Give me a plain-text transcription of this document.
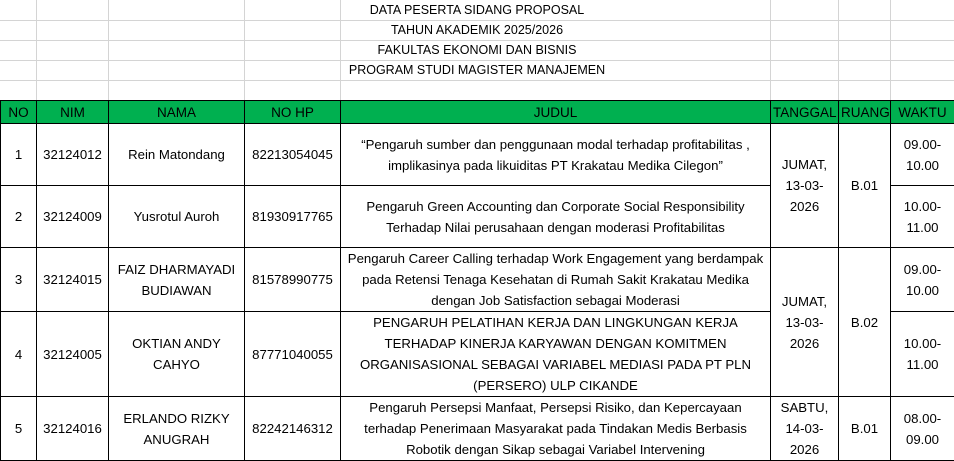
DATA PESERTA SIDANG PROPOSAL
TAHUN AKADEMIK 2025/2026
FAKULTAS EKONOMI DAN BISNIS
PROGRAM STUDI MAGISTER MANAJEMEN
NO	NIM	NAMA	NO HP	JUDUL	TANGGAL	RUANG	WAKTU
1	32124012	Rein Matondang	82213054045	“Pengaruh sumber dan penggunaan modal terhadap profitabilitas , implikasinya pada likuiditas PT Krakatau Medika Cilegon”	JUMAT, 13-03-2026	B.01	09.00-10.00
2	32124009	Yusrotul Auroh	81930917765	Pengaruh Green Accounting dan Corporate Social Responsibility Terhadap Nilai perusahaan dengan moderasi Profitabilitas			10.00-11.00
3	32124015	FAIZ DHARMAYADI BUDIAWAN	81578990775	Pengaruh Career Calling terhadap Work Engagement yang berdampak pada Retensi Tenaga Kesehatan di Rumah Sakit Krakatau Medika dengan Job Satisfaction sebagai Moderasi	JUMAT, 13-03-2026	B.02	09.00-10.00
4	32124005	OKTIAN ANDY CAHYO	87771040055	PENGARUH PELATIHAN KERJA DAN LINGKUNGAN KERJA TERHADAP KINERJA KARYAWAN DENGAN KOMITMEN ORGANISASIONAL SEBAGAI VARIABEL MEDIASI PADA PT PLN (PERSERO) ULP CIKANDE			10.00-11.00
5	32124016	ERLANDO RIZKY ANUGRAH	82242146312	Pengaruh Persepsi Manfaat, Persepsi Risiko, dan Kepercayaan terhadap Penerimaan Masyarakat pada Tindakan Medis Berbasis Robotik dengan Sikap sebagai Variabel Intervening	SABTU, 14-03-2026	B.01	08.00-09.00
